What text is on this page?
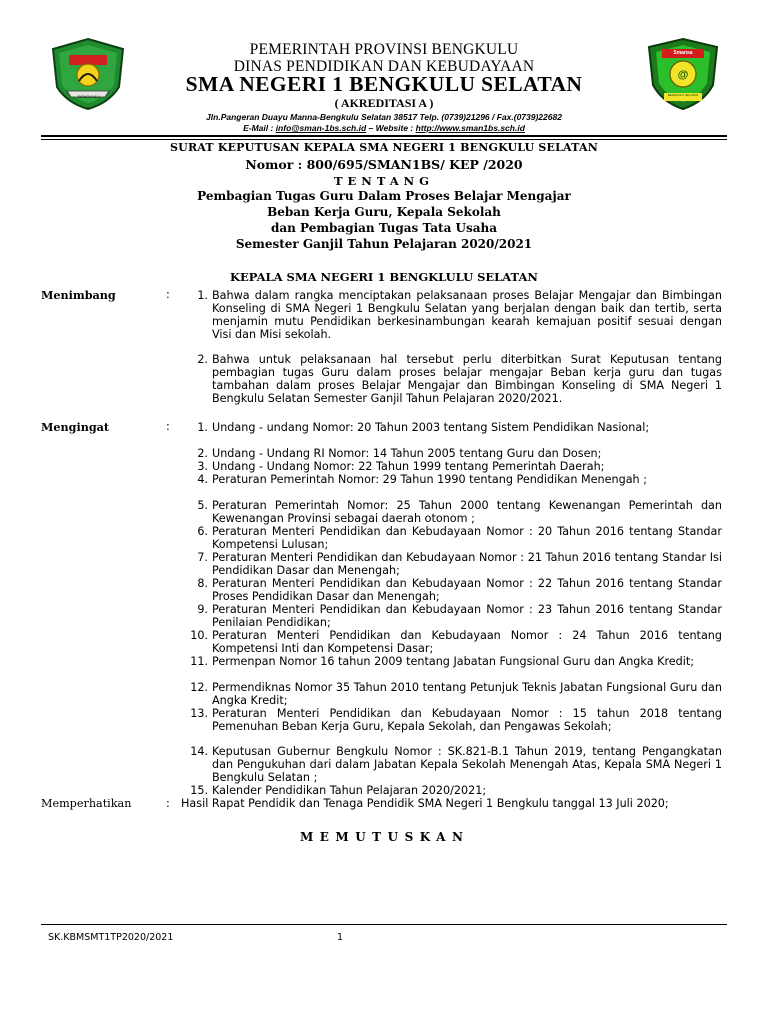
BENGKULU
@
Smansa
BENGKULU SELATAN
PEMERINTAH PROVINSI BENGKULU
DINAS PENDIDIKAN DAN KEBUDAYAAN
SMA NEGERI 1 BENGKULU SELATAN
( AKREDITASI A )
Jln.Pangeran Duayu Manna-Bengkulu Selatan 38517 Telp. (0739)21296 / Fax.(0739)22682
E-Mail : info@sman-1bs.sch.id – Website : http://www.sman1bs.sch.id
SURAT KEPUTUSAN KEPALA SMA NEGERI 1 BENGKULU SELATAN
Nomor : 800/695/SMAN1BS/ KEP /2020
TENTANG
Pembagian Tugas Guru Dalam Proses Belajar Mengajar
Beban Kerja Guru, Kepala Sekolah
dan Pembagian Tugas Tata Usaha
Semester Ganjil Tahun Pelajaran 2020/2021
KEPALA SMA NEGERI 1 BENGKLULU SELATAN
Menimbang	:	1. Bahwa dalam rangka menciptakan pelaksanaan proses Belajar Mengajar dan Bimbingan Konseling di SMA Negeri 1 Bengkulu Selatan yang berjalan dengan baik dan tertib, serta menjamin mutu Pendidikan berkesinambungan kearah kemajuan positif sesuai dengan Visi dan Misi sekolah.
2. Bahwa untuk pelaksanaan hal tersebut perlu diterbitkan Surat Keputusan tentang pembagian tugas Guru dalam proses belajar mengajar Beban kerja guru dan tugas tambahan dalam proses Belajar Mengajar dan Bimbingan Konseling di SMA Negeri 1 Bengkulu Selatan Semester Ganjil Tahun Pelajaran 2020/2021.
Mengingat	:	1. Undang - undang Nomor: 20 Tahun 2003 tentang Sistem Pendidikan Nasional;
2. Undang - Undang RI Nomor: 14 Tahun 2005 tentang Guru dan Dosen;
3. Undang - Undang Nomor: 22 Tahun 1999 tentang Pemerintah Daerah;
4. Peraturan Pemerintah Nomor: 29 Tahun 1990 tentang Pendidikan Menengah ;
5. Peraturan Pemerintah Nomor: 25 Tahun 2000 tentang Kewenangan Pemerintah dan Kewenangan Provinsi sebagai daerah otonom ;
6. Peraturan Menteri Pendidikan dan Kebudayaan Nomor : 20 Tahun 2016 tentang Standar Kompetensi Lulusan;
7. Peraturan Menteri Pendidikan dan Kebudayaan Nomor : 21 Tahun 2016 tentang Standar Isi Pendidikan Dasar dan Menengah;
8. Peraturan Menteri Pendidikan dan Kebudayaan Nomor : 22 Tahun 2016 tentang Standar Proses Pendidikan Dasar dan Menengah;
9. Peraturan Menteri Pendidikan dan Kebudayaan Nomor : 23 Tahun 2016 tentang Standar Penilaian Pendidikan;
10. Peraturan Menteri Pendidikan dan Kebudayaan Nomor : 24 Tahun 2016 tentang Kompetensi Inti dan Kompetensi Dasar;
11. Permenpan Nomor 16 tahun 2009 tentang Jabatan Fungsional Guru dan Angka Kredit;
12. Permendiknas Nomor 35 Tahun 2010 tentang Petunjuk Teknis Jabatan Fungsional Guru dan Angka Kredit;
13. Peraturan Menteri Pendidikan dan Kebudayaan Nomor : 15 tahun 2018 tentang Pemenuhan Beban Kerja Guru, Kepala Sekolah, dan Pengawas Sekolah;
14. Keputusan Gubernur Bengkulu Nomor : SK.821-B.1 Tahun 2019, tentang Pengangkatan dan Pengukuhan dari dalam Jabatan Kepala Sekolah Menengah Atas, Kepala SMA Negeri 1 Bengkulu Selatan ;
15. Kalender Pendidikan Tahun Pelajaran 2020/2021;
Memperhatikan	: Hasil Rapat Pendidik dan Tenaga Pendidik SMA Negeri 1 Bengkulu tanggal 13 Juli 2020;
MEMUTUSKAN
SK.KBMSMT1TP2020/2021	1
